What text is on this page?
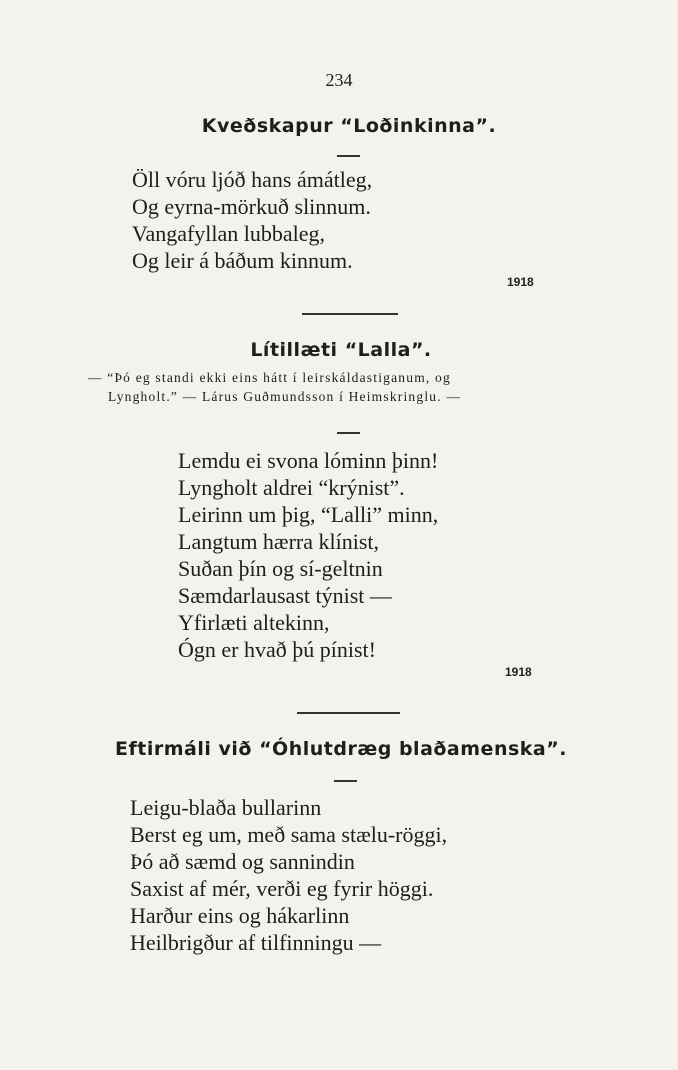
234
Kveðskapur “Loðinkinna”.
Öll vóru ljóð hans ámátleg,
Og eyrna-mörkuð slinnum.
Vangafyllan lubbaleg,
Og leir á báðum kinnum.
1918
Lítillæti “Lalla”.
— “Þó eg standi ekki eins hátt í leirskáldastiganum, og
Lyngholt.” — Lárus Guðmundsson í Heimskringlu. —
Lemdu ei svona lóminn þinn!
Lyngholt aldrei “krýnist”.
Leirinn um þig, “Lalli” minn,
Langtum hærra klínist,
Suðan þín og sí-geltnin
Sæmdarlausast týnist —
Yfirlæti altekinn,
Ógn er hvað þú pínist!
1918
Eftirmáli við “Óhlutdræg blaðamenska”.
Leigu-blaða bullarinn
Berst eg um, með sama stælu-röggi,
Þó að sæmd og sannindin
Saxist af mér, verði eg fyrir höggi.
Harður eins og hákarlinn
Heilbrigður af tilfinningu —
